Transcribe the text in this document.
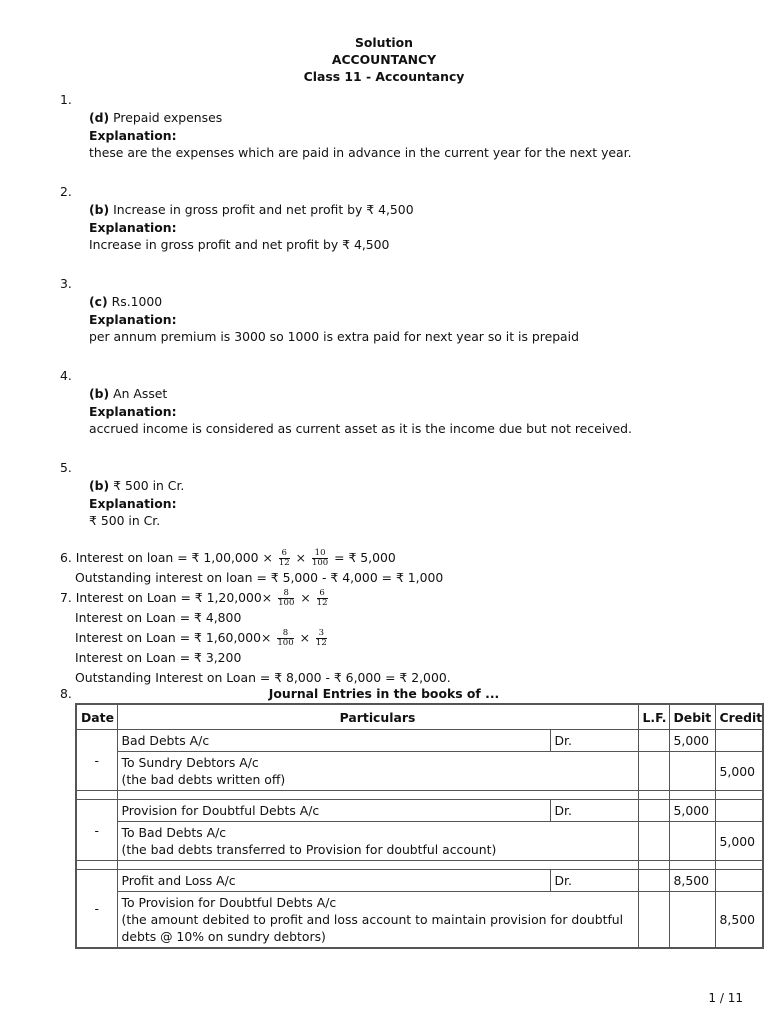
Solution
ACCOUNTANCY
Class 11 - Accountancy
1.
(d) Prepaid expenses
Explanation:
these are the expenses which are paid in advance in the current year for the next year.
2.
(b) Increase in gross profit and net profit by ₹ 4,500
Explanation:
Increase in gross profit and net profit by ₹ 4,500
3.
(c) Rs.1000
Explanation:
per annum premium is 3000 so 1000 is extra paid for next year so it is prepaid
4.
(b) An Asset
Explanation:
accrued income is considered as current asset as it is the income due but not received.
5.
(b) ₹ 500 in Cr.
Explanation:
₹ 500 in Cr.
6. Interest on loan = ₹ $1,00,000 \times \frac{6}{12} \times \frac{10}{100}$ = ₹ 5,000
Outstanding interest on loan = ₹ 5,000 - ₹ 4,000 = ₹ 1,000
7. Interest on Loan = ₹ $1,20,000\times \frac{8}{100} \times \frac{6}{12}$
Interest on Loan = ₹ 4,800
Interest on Loan = ₹ $1,60,000\times \frac{8}{100} \times \frac{3}{12}$
Interest on Loan = ₹ 3,200
Outstanding Interest on Loan = ₹ 8,000 - ₹ 6,000 = ₹ 2,000.
8.	Journal Entries in the books of ...
Date	Particulars		L.F.	Debit	Credit
-	Bad Debts A/c	Dr.		5,000	

	To Sundry Debtors A/c
(the bad debts written off)				5,000

-	Provision for Doubtful Debts A/c	Dr.		5,000	

	To Bad Debts A/c
(the bad debts transferred to Provision for doubtful account)				5,000

-	Profit and Loss A/c	Dr.		8,500	

	To Provision for Doubtful Debts A/c
(the amount debited to profit and loss account to maintain provision for doubtful debts @ 10% on sundry debtors)				8,500
1 / 11
